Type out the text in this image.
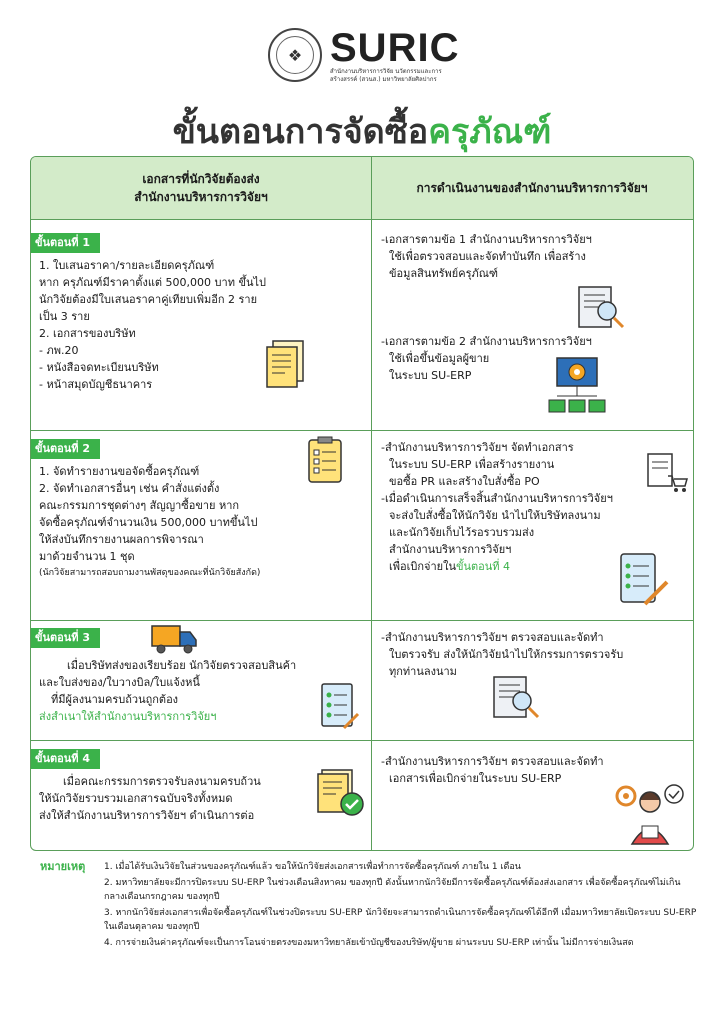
❖ SURIC
สำนักงานบริหารการวิจัย นวัตกรรมและการสร้างสรรค์ (สวนส.) มหาวิทยาลัยศิลปากร
ขั้นตอนการจัดซื้อครุภัณฑ์
เอกสารที่นักวิจัยต้องส่ง
สำนักงานบริหารการวิจัยฯ
การดำเนินงานของสำนักงานบริหารการวิจัยฯ
ขั้นตอนที่ 1

1. ใบเสนอราคา/รายละเอียดครุภัณฑ์

หาก ครุภัณฑ์มีราคาตั้งแต่ 500,000 บาท ขึ้นไป

นักวิจัยต้องมีใบเสนอราคาคู่เทียบเพิ่มอีก 2 ราย

เป็น 3 ราย

2. เอกสารของบริษัท

- ภพ.20

- หนังสือจดทะเบียนบริษัท

- หน้าสมุดบัญชีธนาคาร

-เอกสารตามข้อ 1 สำนักงานบริหารการวิจัยฯ

ใช้เพื่อตรวจสอบและจัดทำบันทึก เพื่อสร้าง

ข้อมูลสินทรัพย์ครุภัณฑ์

-เอกสารตามข้อ 2 สำนักงานบริหารการวิจัยฯ

ใช้เพื่อขึ้นข้อมูลผู้ขาย

ในระบบ SU-ERP

ขั้นตอนที่ 2

1. จัดทำรายงานขอจัดซื้อครุภัณฑ์

2. จัดทำเอกสารอื่นๆ เช่น คำสั่งแต่งตั้ง

คณะกรรมการชุดต่างๆ สัญญาซื้อขาย หาก

จัดซื้อครุภัณฑ์จำนวนเงิน 500,000 บาทขึ้นไป

ให้ส่งบันทึกรายงานผลการพิจารณา

มาด้วยจำนวน 1 ชุด

(นักวิจัยสามารถสอบถามงานพัสดุของคณะที่นักวิจัยสังกัด)

-สำนักงานบริหารการวิจัยฯ จัดทำเอกสาร

ในระบบ SU-ERP เพื่อสร้างรายงาน

ขอซื้อ PR และสร้างใบสั่งซื้อ PO

-เมื่อดำเนินการเสร็จสิ้นสำนักงานบริหารการวิจัยฯ

จะส่งใบสั่งซื้อให้นักวิจัย นำไปให้บริษัทลงนาม

และนักวิจัยเก็บไว้รอรวบรวมส่ง

สำนักงานบริหารการวิจัยฯ

เพื่อเบิกจ่ายในขั้นตอนที่ 4

ขั้นตอนที่ 3

เมื่อบริษัทส่งของเรียบร้อย นักวิจัยตรวจสอบสินค้า

และใบส่งของ/ใบวางบิล/ใบแจ้งหนี้

ที่มีผู้ลงนามครบถ้วนถูกต้อง

ส่งสำเนาให้สำนักงานบริหารการวิจัยฯ

-สำนักงานบริหารการวิจัยฯ ตรวจสอบและจัดทำ

ใบตรวจรับ ส่งให้นักวิจัยนำไปให้กรรมการตรวจรับ

ทุกท่านลงนาม

ขั้นตอนที่ 4

เมื่อคณะกรรมการตรวจรับลงนามครบถ้วน

ให้นักวิจัยรวบรวมเอกสารฉบับจริงทั้งหมด

ส่งให้สำนักงานบริหารการวิจัยฯ ดำเนินการต่อ

-สำนักงานบริหารการวิจัยฯ ตรวจสอบและจัดทำ

เอกสารเพื่อเบิกจ่ายในระบบ SU-ERP

หมายเหตุ 1. เมื่อได้รับเงินวิจัยในส่วนของครุภัณฑ์แล้ว ขอให้นักวิจัยส่งเอกสารเพื่อทำการจัดซื้อครุภัณฑ์ ภายใน 1 เดือน

2. มหาวิทยาลัยจะมีการปิดระบบ SU-ERP ในช่วงเดือนสิงหาคม ของทุกปี ดังนั้นหากนักวิจัยมีการจัดซื้อครุภัณฑ์ต้องส่งเอกสาร เพื่อจัดซื้อครุภัณฑ์ไม่เกินกลางเดือนกรกฎาคม ของทุกปี

3. หากนักวิจัยส่งเอกสารเพื่อจัดซื้อครุภัณฑ์ในช่วงปิดระบบ SU-ERP นักวิจัยจะสามารถดำเนินการจัดซื้อครุภัณฑ์ได้อีกที เมื่อมหาวิทยาลัยเปิดระบบ SU-ERP ในเดือนตุลาคม ของทุกปี

4. การจ่ายเงินค่าครุภัณฑ์จะเป็นการโอนจ่ายตรงของมหาวิทยาลัยเข้าบัญชีของบริษัท/ผู้ขาย ผ่านระบบ SU-ERP เท่านั้น ไม่มีการจ่ายเงินสด
